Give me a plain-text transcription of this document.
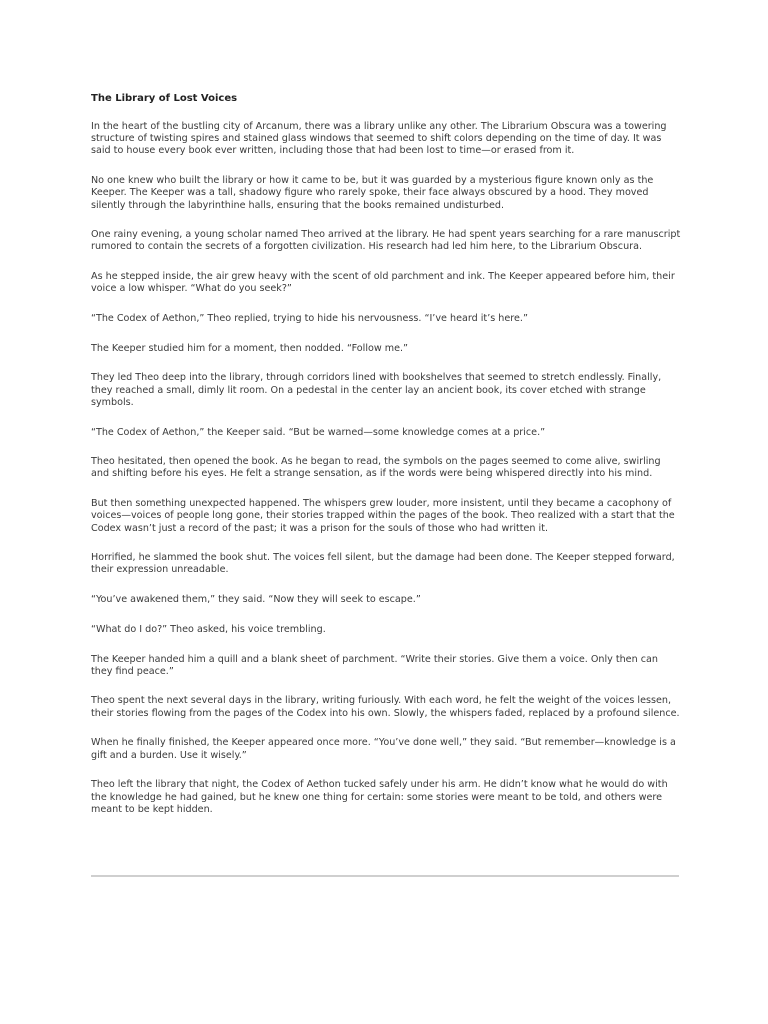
The Library of Lost Voices

In the heart of the bustling city of Arcanum, there was a library unlike any other. The Librarium Obscura was a towering structure of twisting spires and stained glass windows that seemed to shift colors depending on the time of day. It was said to house every book ever written, including those that had been lost to time—or erased from it.

No one knew who built the library or how it came to be, but it was guarded by a mysterious figure known only as the Keeper. The Keeper was a tall, shadowy figure who rarely spoke, their face always obscured by a hood. They moved silently through the labyrinthine halls, ensuring that the books remained undisturbed.

One rainy evening, a young scholar named Theo arrived at the library. He had spent years searching for a rare manuscript rumored to contain the secrets of a forgotten civilization. His research had led him here, to the Librarium Obscura.

As he stepped inside, the air grew heavy with the scent of old parchment and ink. The Keeper appeared before him, their voice a low whisper. “What do you seek?”

“The Codex of Aethon,” Theo replied, trying to hide his nervousness. “I’ve heard it’s here.”

The Keeper studied him for a moment, then nodded. “Follow me.”

They led Theo deep into the library, through corridors lined with bookshelves that seemed to stretch endlessly. Finally, they reached a small, dimly lit room. On a pedestal in the center lay an ancient book, its cover etched with strange symbols.

“The Codex of Aethon,” the Keeper said. “But be warned—some knowledge comes at a price.”

Theo hesitated, then opened the book. As he began to read, the symbols on the pages seemed to come alive, swirling and shifting before his eyes. He felt a strange sensation, as if the words were being whispered directly into his mind.

But then something unexpected happened. The whispers grew louder, more insistent, until they became a cacophony of voices—voices of people long gone, their stories trapped within the pages of the book. Theo realized with a start that the Codex wasn’t just a record of the past; it was a prison for the souls of those who had written it.

Horrified, he slammed the book shut. The voices fell silent, but the damage had been done. The Keeper stepped forward, their expression unreadable.

“You’ve awakened them,” they said. “Now they will seek to escape.”

“What do I do?” Theo asked, his voice trembling.

The Keeper handed him a quill and a blank sheet of parchment. “Write their stories. Give them a voice. Only then can they find peace.”

Theo spent the next several days in the library, writing furiously. With each word, he felt the weight of the voices lessen, their stories flowing from the pages of the Codex into his own. Slowly, the whispers faded, replaced by a profound silence.

When he finally finished, the Keeper appeared once more. “You’ve done well,” they said. “But remember—knowledge is a gift and a burden. Use it wisely.”

Theo left the library that night, the Codex of Aethon tucked safely under his arm. He didn’t know what he would do with the knowledge he had gained, but he knew one thing for certain: some stories were meant to be told, and others were meant to be kept hidden.
